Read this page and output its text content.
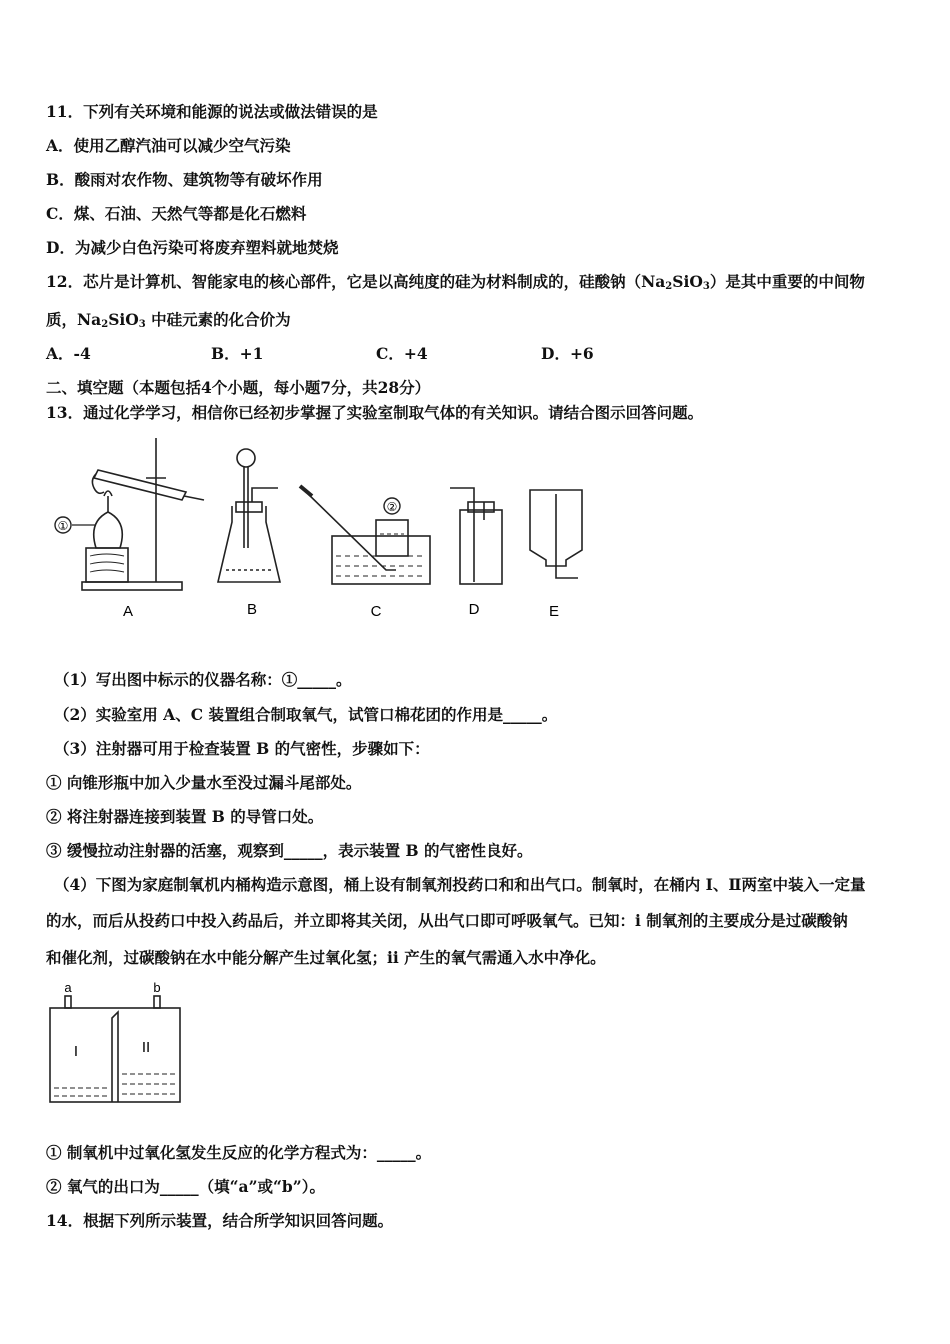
11．下列有关环境和能源的说法或做法错误的是
A．使用乙醇汽油可以减少空气污染
B．酸雨对农作物、建筑物等有破坏作用
C．煤、石油、天然气等都是化石燃料
D．为减少白色污染可将废弃塑料就地焚烧
12．芯片是计算机、智能家电的核心部件，它是以高纯度的硅为材料制成的，硅酸钠$(Na_2SiO_3)$是其中重要的中间物
质，$Na_2SiO_3$ 中硅元素的化合价为
A．-4	B．+1	C．+4	D．+6
二、填空题（本题包括4个小题，每小题7分，共28分）
13．通过化学学习，相信你已经初步掌握了实验室制取气体的有关知识。请结合图示回答问题。
①
②
A	B	C	D	E
（1）写出图中标示的仪器名称：①_____。
（2）实验室用 A、C 装置组合制取氧气，试管口棉花团的作用是_____。
（3）注射器可用于检查装置 B 的气密性，步骤如下：
① 向锥形瓶中加入少量水至没过漏斗尾部处。
② 将注射器连接到装置 B 的导管口处。
③ 缓慢拉动注射器的活塞，观察到_____，表示装置 B 的气密性良好。
（4）下图为家庭制氧机内桶构造示意图，桶上设有制氧剂投药口和和出气口。制氧时，在桶内 I、Ⅱ两室中装入一定量
的水，而后从投药口中投入药品后，并立即将其关闭，从出气口即可呼吸氧气。已知：i 制氧剂的主要成分是过碳酸钠
和催化剂，过碳酸钠在水中能分解产生过氧化氢；ii 产生的氧气需通入水中净化。
a	b
I	II
① 制氧机中过氧化氢发生反应的化学方程式为：_____。
② 氧气的出口为_____（填“a”或“b”）。
14．根据下列所示装置，结合所学知识回答问题。
